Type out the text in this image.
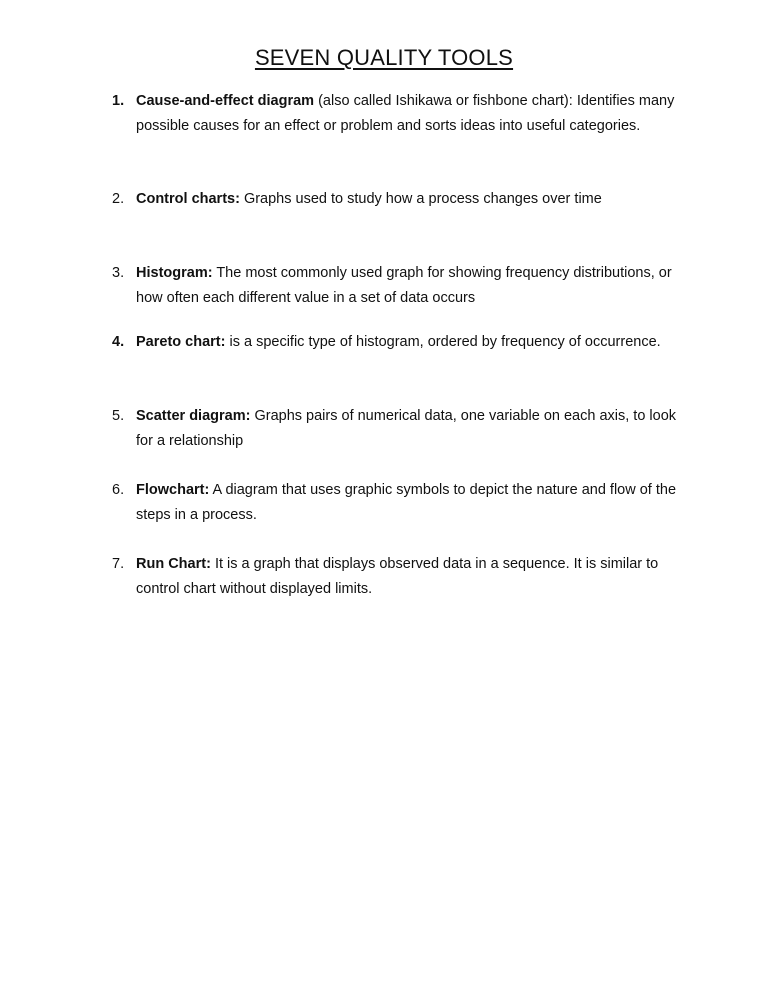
SEVEN QUALITY TOOLS
1. Cause-and-effect diagram (also called Ishikawa or fishbone chart): Identifies many possible causes for an effect or problem and sorts ideas into useful categories.
2. Control charts: Graphs used to study how a process changes over time
3. Histogram: The most commonly used graph for showing frequency distributions, or how often each different value in a set of data occurs
4. Pareto chart: is a specific type of histogram, ordered by frequency of occurrence.
5. Scatter diagram: Graphs pairs of numerical data, one variable on each axis, to look for a relationship
6. Flowchart: A diagram that uses graphic symbols to depict the nature and flow of the steps in a process.
7. Run Chart: It is a graph that displays observed data in a sequence. It is similar to control chart without displayed limits.
